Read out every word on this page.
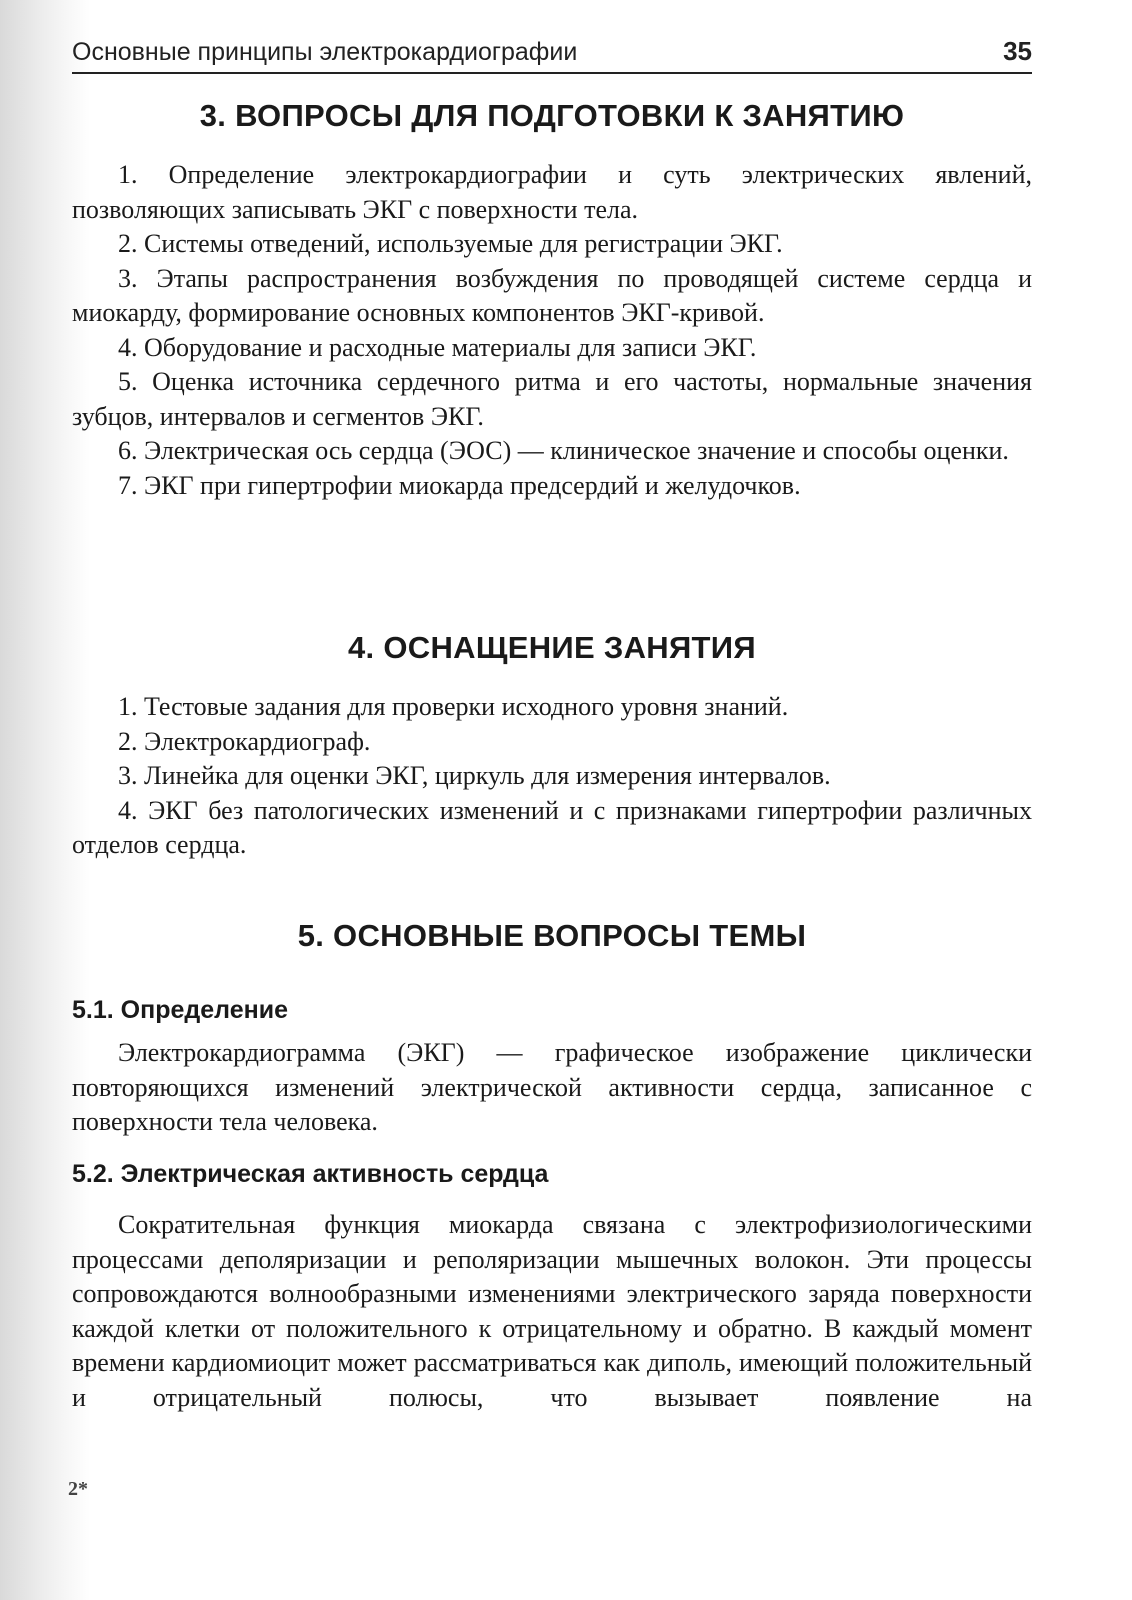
Основные принципы электрокардиографии	35
3. ВОПРОСЫ ДЛЯ ПОДГОТОВКИ К ЗАНЯТИЮ

1. Определение электрокардиографии и суть электрических явлений, позволяющих записывать ЭКГ с поверхности тела.

2. Системы отведений, используемые для регистрации ЭКГ.

3. Этапы распространения возбуждения по проводящей системе сердца и миокарду, формирование основных компонентов ЭКГ-кривой.

4. Оборудование и расходные материалы для записи ЭКГ.

5. Оценка источника сердечного ритма и его частоты, нормальные значения зубцов, интервалов и сегментов ЭКГ.

6. Электрическая ось сердца (ЭОС) — клиническое значение и способы оценки.

7. ЭКГ при гипертрофии миокарда предсердий и желудочков.

4. ОСНАЩЕНИЕ ЗАНЯТИЯ

1. Тестовые задания для проверки исходного уровня знаний.

2. Электрокардиограф.

3. Линейка для оценки ЭКГ, циркуль для измерения интервалов.

4. ЭКГ без патологических изменений и с признаками гипертрофии различных отделов сердца.

5. ОСНОВНЫЕ ВОПРОСЫ ТЕМЫ
5.1. Определение

Электрокардиограмма (ЭКГ) — графическое изображение циклически повторяющихся изменений электрической активности сердца, записанное с поверхности тела человека.

5.2. Электрическая активность сердца

Сократительная функция миокарда связана с электрофизиологическими процессами деполяризации и реполяризации мышечных волокон. Эти процессы сопровождаются волнообразными изменениями электрического заряда поверхности каждой клетки от положительного к отрицательному и обратно. В каждый момент времени кардиомиоцит может рассматриваться как диполь, имеющий положительный и отрицательный полюсы, что вызывает появление на

2*
